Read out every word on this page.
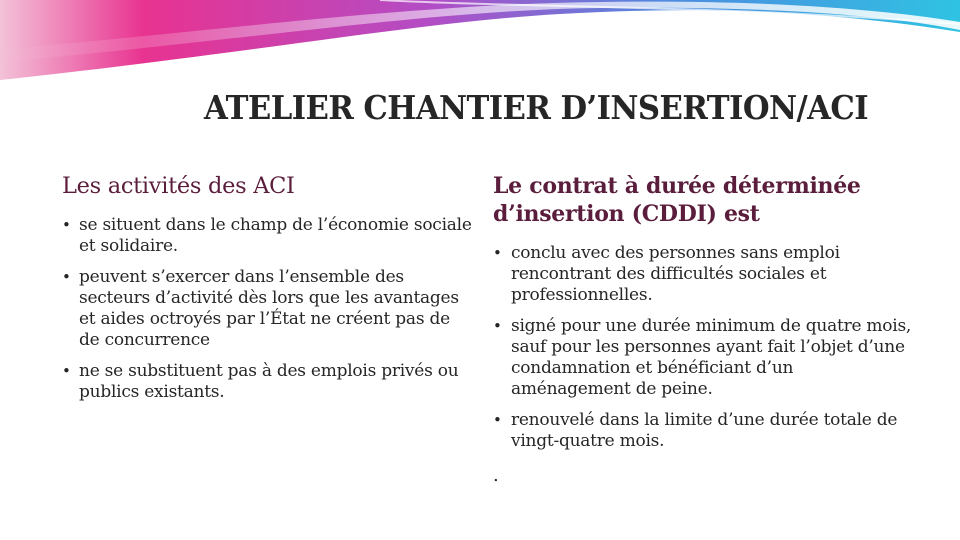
ATELIER CHANTIER D’INSERTION/ACI
Les activités des ACI
• se situent dans le champ de l’économie sociale et solidaire.
• peuvent s’exercer dans l’ensemble des secteurs d’activité dès lors que les avantages et aides octroyés par l’État ne créent pas de de concurrence
• ne se substituent pas à des emplois privés ou publics existants.
Le contrat à durée déterminée d’insertion (CDDI) est
• conclu avec des personnes sans emploi rencontrant des difficultés sociales et professionnelles.
• signé pour une durée minimum de quatre mois, sauf pour les personnes ayant fait l’objet d’une condamnation et bénéficiant d’un aménagement de peine.
• renouvelé dans la limite d’une durée totale de vingt-quatre mois.
.
